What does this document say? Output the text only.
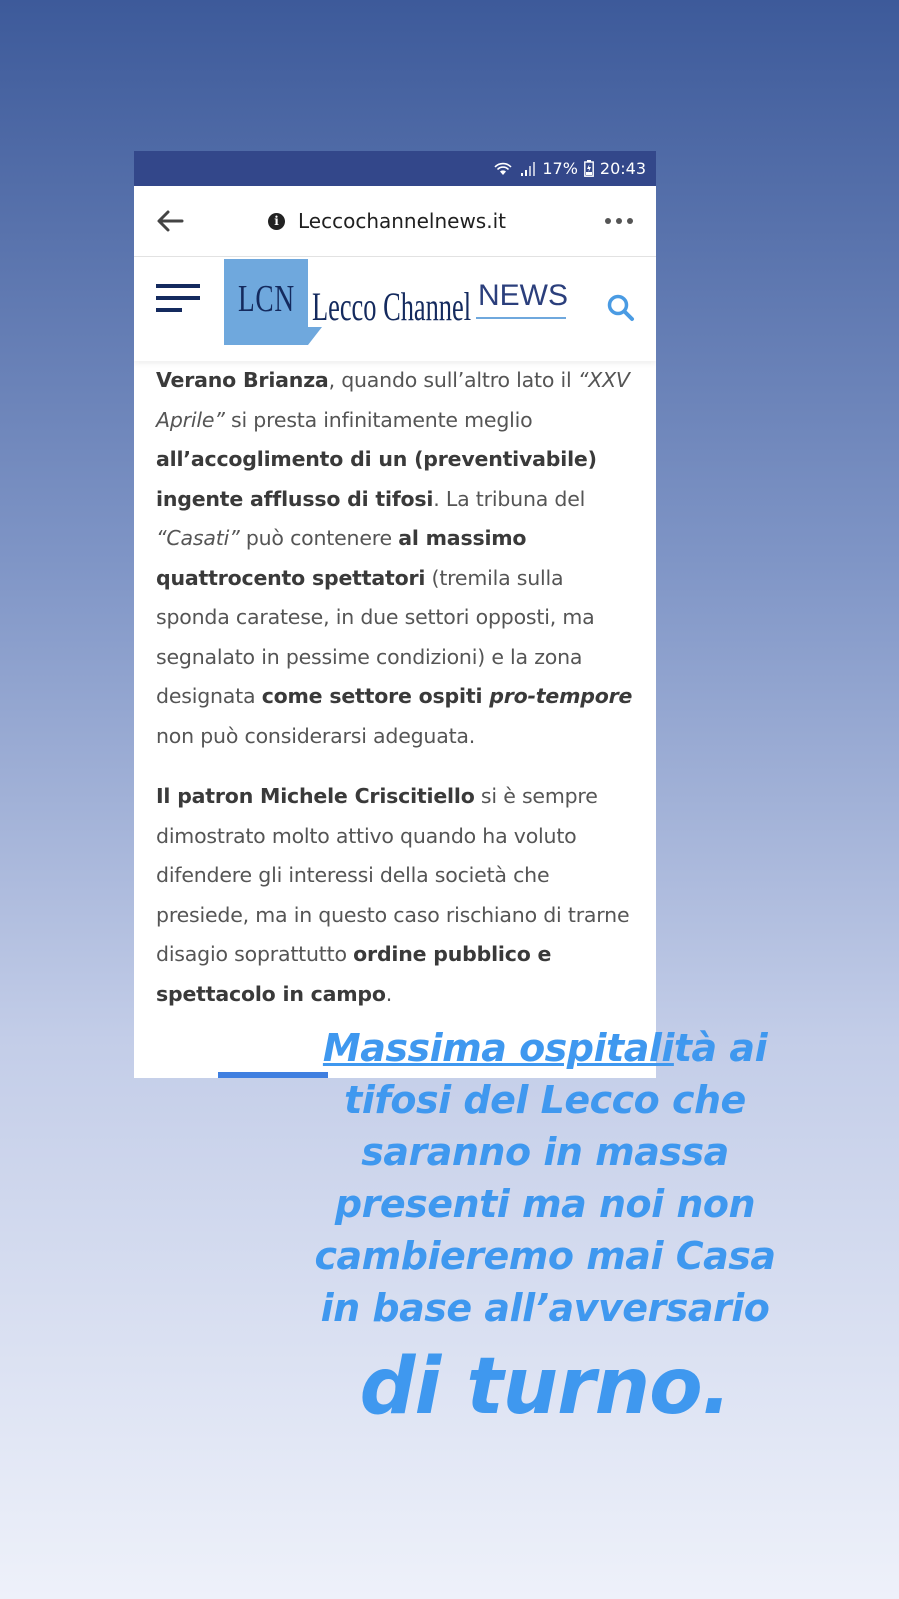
17% 20:43
i Leccochannelnews.it
LCN Lecco Channel NEWS

Verano Brianza, quando sull’altro lato il “XXV Aprile” si presta infinitamente meglio all’accoglimento di un (preventivabile) ingente afflusso di tifosi. La tribuna del “Casati” può contenere al massimo quattrocento spettatori (tremila sulla sponda caratese, in due settori opposti, ma segnalato in pessime condizioni) e la zona designata come settore ospiti pro-tempore non può considerarsi adeguata.

Il patron Michele Criscitiello si è sempre dimostrato molto attivo quando ha voluto difendere gli interessi della società che presiede, ma in questo caso rischiano di trarne disagio soprattutto ordine pubblico e spettacolo in campo.

Massima ospitalità ai
tifosi del Lecco che
saranno in massa
presenti ma noi non
cambieremo mai Casa
in base all’avversario
di turno.
